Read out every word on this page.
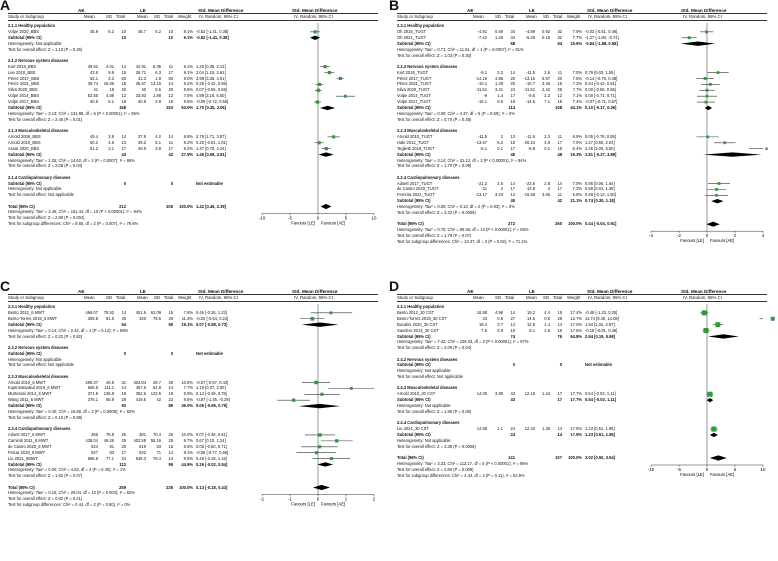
A	AE	LE	Std. Mean Difference	Std. Mean Difference
Study or Subgroup	Mean	SD Total	Mean SD Total Weight IV, Random, 95% CI	IV, Random, 95% CI
-10	-5	0	5	10
Favours [LE] Favours [AE]
2.1.1 Healthy population
Volpe 2020_BBS	45.9	5.2 10	48.7 5.2 10	9.1% -0.52 [-1.41, 0.38]
Subtotal (95% CI)	10	10	9.1% -0.52 [-1.41, 0.38]
Heterogeneity: Not applicable
Test for overall effect: Z = 1.13 (P = 0.26)
2.1.2 Nervous system diseases
Kurt 2018_BBS	49.62 4.01 14 42.91 6.35 11	9.1% 1.26 [0.38, 2.13]
Lee 2018_BBS	43.6	9.9 15 26.71 6.3 17	9.1% 2.04 [1.16, 2.91]
Pérez 2017_BBS	52.1	3.3 60	41.3 1.9 60	9.0% 3.99 [3.36, 4.61]
Pérez 2021_BBS	39.74 15.06 18 35.67 13.16 14	9.2% 0.28 [-0.42, 0.98]
Silva 2020_BBS	41	18 20	40 5.5 20	9.5% 0.07 [-0.55, 0.69]
Volpe 2014_BBS	52.55 4.88 12 33.83 1.88 12	7.5% 4.89 [3.18, 6.60]
Volpe 2017_BBS	30.5	5.1 19	30.9 3.8 19	9.5% -0.09 [-0.72, 0.55]
Subtotal (95% CI)	158	153 63.0% 1.70 [0.35, 3.06]
Heterogeneity: Tau² = 3.13; Chi² = 131.88, df = 6 (P < 0.00001); I² = 95%
Test for overall effect: Z = 2.46 (P = 0.01)
2.1.3 Musculoskeletal diseases
Arnold 2008_BBS	49.4	3.8 14	37.9 4.2 14	8.8% 2.79 [1.71, 3.87]
Arnold 2010_BBS	50.2	4.6 13	49.2 5.1 11	9.2% 0.20 [-0.61, 1.01]
Assar 2020_BBS	51.2	3.1 17	49.9 3.8 17	9.2% 1.47 [0.70, 2.24]
Subtotal (95% CI)	44	42 27.9% 1.45 [0.08, 2.81]
Heterogeneity: Tau² = 1.25; Chi² = 14.62, df = 2 (P = 0.0007); I² = 86%
Test for overall effect: Z = 2.08 (P = 0.04)
2.1.4 Cardiopulmonary diseases
Subtotal (95% CI)	0	0	Not estimable
Heterogeneity: Not applicable
Test for overall effect: Not applicable
Total (95% CI)	212	205 100.0% 1.42 [0.46, 2.39]
Heterogeneity: Tau² = 2.46; Chi² = 161.44, df = 10 (P < 0.00001); I² = 94%
Test for overall effect: Z = 2.89 (P = 0.004)
Test for subgroup differences: Chi² = 9.80, df = 2 (P = 0.007), I² = 79.6%
B	AE	LE	Std. Mean Difference	Std. Mean Difference
Study or Subgroup	Mean	SD Total	Mean SD Total Weight IV, Random, 95% CI	IV, Random, 95% CI
-4	-2	0	2	4
Favours [LE] Favours [AE]
2.3.1 Healthy population
Oh 2015_TUGT	-4.91 0.69 34	-4.89 0.92 32	7.9% -0.03 [-0.51, 0.46]
Oh 2021_TUGT	-7.42 1.26 34	-6.25 0.15 32	7.7% -1.27 [-1.80, -0.74]
Subtotal (95% CI)	68	64 15.6% -0.64 [-1.88, 0.58]
Heterogeneity: Tau² = 0.71; Chi² = 11.51, df = 1 (P = 0.0007); I² = 91%
Test for overall effect: Z = 1.03 (P = 0.30)
2.2.2 Nervous system diseases
Kurt 2018_TUGT	-9.1	3.3 14	-11.5 2.6 11	7.0% 0.79 [0.03, 1.55]
Pérez 2017_TUGT	-14.19 4.86 20 -13.15 6.97 20	7.5% -0.14 [-0.76, 0.48]
Pérez 2021_TUGT	-10.1 1.29 20	-10.7 3.46 15	7.3% 0.24 [-0.43, 0.91]
Silva 2020_TUGT	-11.51 3.21 24 -11.51 2.42 25	7.7% 0.00 [-0.56, 0.56]
Volpe 2014_TUGT	-9	1.4 17	-9.8 2.3 12	7.1% 0.00 [-0.71, 0.71]
Volpe 2017_TUGT	-15.1	9.5 19	-14.5 7.1 19	7.4% -0.07 [-0.71, 0.57]
Subtotal (95% CI)	114	108 44.1% 0.10 [-0.17, 0.36]
Heterogeneity: Tau² = 0.00; Chi² = 4.37, df = 5 (P = 0.50); I² = 0%
Test for overall effect: Z = 0.70 (P = 0.48)
2.2.3 Musculoskeletal diseases
Arnold 2010_TUGT	-11.5	2 13	-11.6 2.3 11	6.9% 0.05 [-0.76, 0.85]
Hale 2012_TUGT	-13.67	5.2 15 -20.24 4.9 17	7.0% 1.27 [0.50, 2.04]
Teglietti 2018_TUGT	-6.1	0.1 17	-6.8 0.2 18	5.4% 4.25 [3.00, 5.50]
Subtotal (95% CI)	45	48 19.3% 1.81 [-0.27, 3.89]
Heterogeneity: Tau² = 3.14; Chi² = 31.13, df = 2 (P < 0.00001); I² = 94%
Test for overall effect: Z = 1.70 (P = 0.09)
2.2.4 Cardiopulmonary diseases
Adsett 2017_TUGT	-21.2	2.6 14	-23.6 2.8 14	7.0% 0.86 [0.06, 1.64]
de Castro 2020_TUGT	-11	2 17	-12.8	3 17	7.3% 0.69 [0.01, 1.38]
Ferreira 2022_TUGT	-13.17 3.23 14 -15.58 3.65 11	6.8% 0.68 [-0.13, 1.50]
Subtotal (95% CI)	45	42 21.1% 0.74 [0.30, 1.18]
Heterogeneity: Tau² = 0.00; Chi² = 0.13, df = 2 (P = 0.93); I² = 0%
Test for overall effect: Z = 3.32 (P = 0.0009)
Total (95% CI)	272	260 100.0% 0.44 [-0.04, 0.91]
Heterogeneity: Tau² = 0.70; Chi² = 89.36, df = 13 (P < 0.00001); I² = 85%
Test for overall effect: Z = 1.79 (P = 0.07)
Test for subgroup differences: Chi² = 10.37, df = 3 (P = 0.02), I² = 71.1%
C	AE	LE	Std. Mean Difference	Std. Mean Difference
Study or Subgroup	Mean	SD Total	Mean SD Total Weight IV, Random, 95% CI	IV, Random, 95% CI
-2	-1	0	1	2
Favours [LE] Favours [AE]
2.3.1 Healthy population
Bento 2012_6 MWT	466.07 78.52 14 451.6 62.09 15	7.6% 0.46 [-0.26, 1.22]
Bento-Torres 2019_6 MWT	308.8 81.6 40	320 79.5 40 11.3% -0.20 [-0.64, 0.24]
Subtotal (95% CI)	54	55 19.1% 0.07 [-0.58, 0.73]
Heterogeneity: Tau² = 0.14; Chi² = 2.42, df = 1 (P = 0.12); I² = 59%
Test for overall effect: Z = 0.22 (P = 0.82)
2.3.2 Nervous system diseases
Subtotal (95% CI)	0	0	Not estimable
Heterogeneity: Not applicable
Test for overall effect: Not applicable
2.3.3 Musculoskeletal diseases
Arnold 2010_6 MWT	299.37 46.5 31 302.84 49.7 30 10.6% -0.07 [-0.57, 0.43]
Kuptniratsaikul 2019_6 MWT	566.8 111.1 14 457.6 64.8 14	7.7% 1.19 [0.37, 2.00]
Murtezani 2014_6 MWT	371.9 136.9 19 352.6 123.5 19	8.9% 0.14 [-0.49, 0.78]
Wang 2011_6 MWT	375.1 55.9 29 419.5	42 22	9.5% -0.87 [-1.45, -0.29]
Subtotal (95% CI)	93	85 36.0% 0.06 [-0.69, 0.79]
Heterogeneity: Tau² = 0.40; Chi² = 16.86, df = 3 (P = 0.0008); I² = 82%
Test for overall effect: Z = 0.16 (P = 0.88)
2.3.4 Cardiopulmonary diseases
Adsett 2017_6 MWT	386 75.8 26	381 70.4 26 10.0% 0.07 [-0.46, 0.61]
Caminiti 2011_6 MWT	438.04 49.26 25 402.58 55.16 25	9.7% 0.67 [0.10, 1.24]
de Castro 2020_6 MWT	524	81 20	519	83 16	8.6% 0.06 [-0.60, 0.71]
Felcar 2018_6 MWT	527	83 17	532	71 14	8.1% -0.06 [-0.77, 0.65]
Liu 2021_6MWT	596.8 77.1 24 538.3 79.4 14	8.5% 0.48 [-0.19, 1.15]
Subtotal (95% CI)	112	95 44.9% 0.26 [-0.02, 0.54]
Heterogeneity: Tau² = 0.00; Chi² = 4.03, df = 4 (P = 0.40); I² = 1%
Test for overall effect: Z = 1.82 (P = 0.07)
Total (95% CI)	259	235 100.0% 0.13 [-0.18, 0.43]
Heterogeneity: Tau² = 0.15; Chi² = 26.04, df = 10 (P = 0.004); I² = 62%
Test for overall effect: Z = 0.82 (P = 0.41)
Test for subgroup differences: Chi² = 0.44, df = 2 (P = 0.80), I² = 0%
D	AE	LE	Std. Mean Difference	Std. Mean Difference
Study or Subgroup	Mean	SD Total	Mean SD Total Weight IV, Random, 95% CI	IV, Random, 95% CI
-10	-5	0	5	10
Favours [LE] Favours [AE]
2.4.1 Healthy population
Bento 2012_30 CST	16.88 4.96 14	19.2 4.4 15 17.4% -0.49 [-1.23, 0.25]
Bento-Torres 2019_30 CST	23	0.8 27	14.6 0.6 28 12.7% 11.74 [9.40, 14.08]
Bocalini 2010_30 CST	18.4	3.7 14	12.8 1.4 14 17.0% 1.94 [1.02, 2.87]
Sanders 2013_30 CST	7.5	3.9 19	8.1 2.6 19 17.6% -0.18 [-0.81, 0.46]
Subtotal (95% CI)	74	76 64.8% 2.94 [0.19, 5.68]
Heterogeneity: Tau² = 7.42; Chi² = 109.33, df = 3 (P < 0.00001); I² = 97%
Test for overall effect: Z = 2.09 (P = 0.04)
2.4.2 Nervous system diseases
Subtotal (95% CI)	0	0	Not estimable
Heterogeneity: Not applicable
Test for overall effect: Not applicable
2.4.3 Musculoskeletal diseases
Arnold 2010_30 CST	14.06 3.95 43 12.18 1.44 17 17.7% 0.54 [-0.03, 1.11]
Subtotal (95% CI)	43	17 17.7% 0.54 [-0.03, 1.11]
Heterogeneity: Not applicable
Test for overall effect: Z = 1.85 (P = 0.06)
2.4.4 Cardiopulmonary diseases
Liu 2021_30 CST	14.58	2.1 24 12.23 1.36 14 17.5% 1.23 [0.51, 1.95]
Subtotal (95% CI)	24	14 17.5% 1.23 [0.51, 1.95]
Heterogeneity: Not applicable
Test for overall effect: Z = 3.35 (P = 0.0008)
Total (95% CI)	141	107 100.0% 2.02 [0.50, 3.54]
Heterogeneity: Tau² = 3.33; Chi² = 112.17, df = 5 (P < 0.00001); I² = 96%
Test for overall effect: Z = 2.60 (P = 0.009)
Test for subgroup differences: Chi² = 4.44, df = 2 (P = 0.11), I² = 54.9%
